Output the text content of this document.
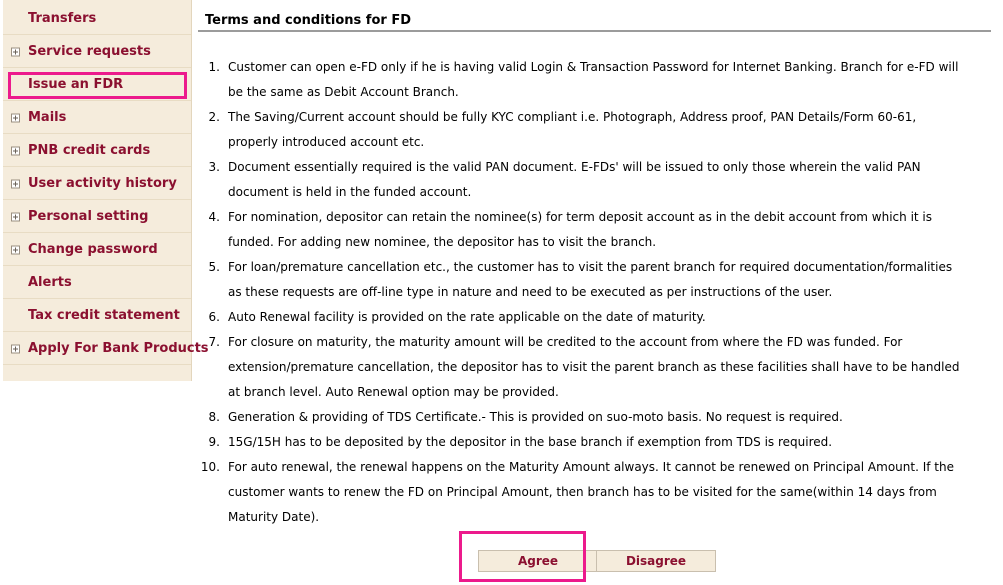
Transfers
Service requests
Issue an FDR
Mails
PNB credit cards
User activity history
Personal setting
Change password
Alerts
Tax credit statement
Apply For Bank Products
Terms and conditions for FD
1. Customer can open e-FD only if he is having valid Login & Transaction Password for Internet Banking. Branch for e-FD will be the same as Debit Account Branch.
2. The Saving/Current account should be fully KYC compliant i.e. Photograph, Address proof, PAN Details/Form 60-61, properly introduced account etc.
3. Document essentially required is the valid PAN document. E-FDs' will be issued to only those wherein the valid PAN document is held in the funded account.
4. For nomination, depositor can retain the nominee(s) for term deposit account as in the debit account from which it is funded. For adding new nominee, the depositor has to visit the branch.
5. For loan/premature cancellation etc., the customer has to visit the parent branch for required documentation/formalities as these requests are off-line type in nature and need to be executed as per instructions of the user.
6. Auto Renewal facility is provided on the rate applicable on the date of maturity.
7. For closure on maturity, the maturity amount will be credited to the account from where the FD was funded. For extension/premature cancellation, the depositor has to visit the parent branch as these facilities shall have to be handled at branch level. Auto Renewal option may be provided.
8. Generation & providing of TDS Certificate.- This is provided on suo-moto basis. No request is required.
9. 15G/15H has to be deposited by the depositor in the base branch if exemption from TDS is required.
10. For auto renewal, the renewal happens on the Maturity Amount always. It cannot be renewed on Principal Amount. If the customer wants to renew the FD on Principal Amount, then branch has to be visited for the same(within 14 days from Maturity Date).
Agree	Disagree
